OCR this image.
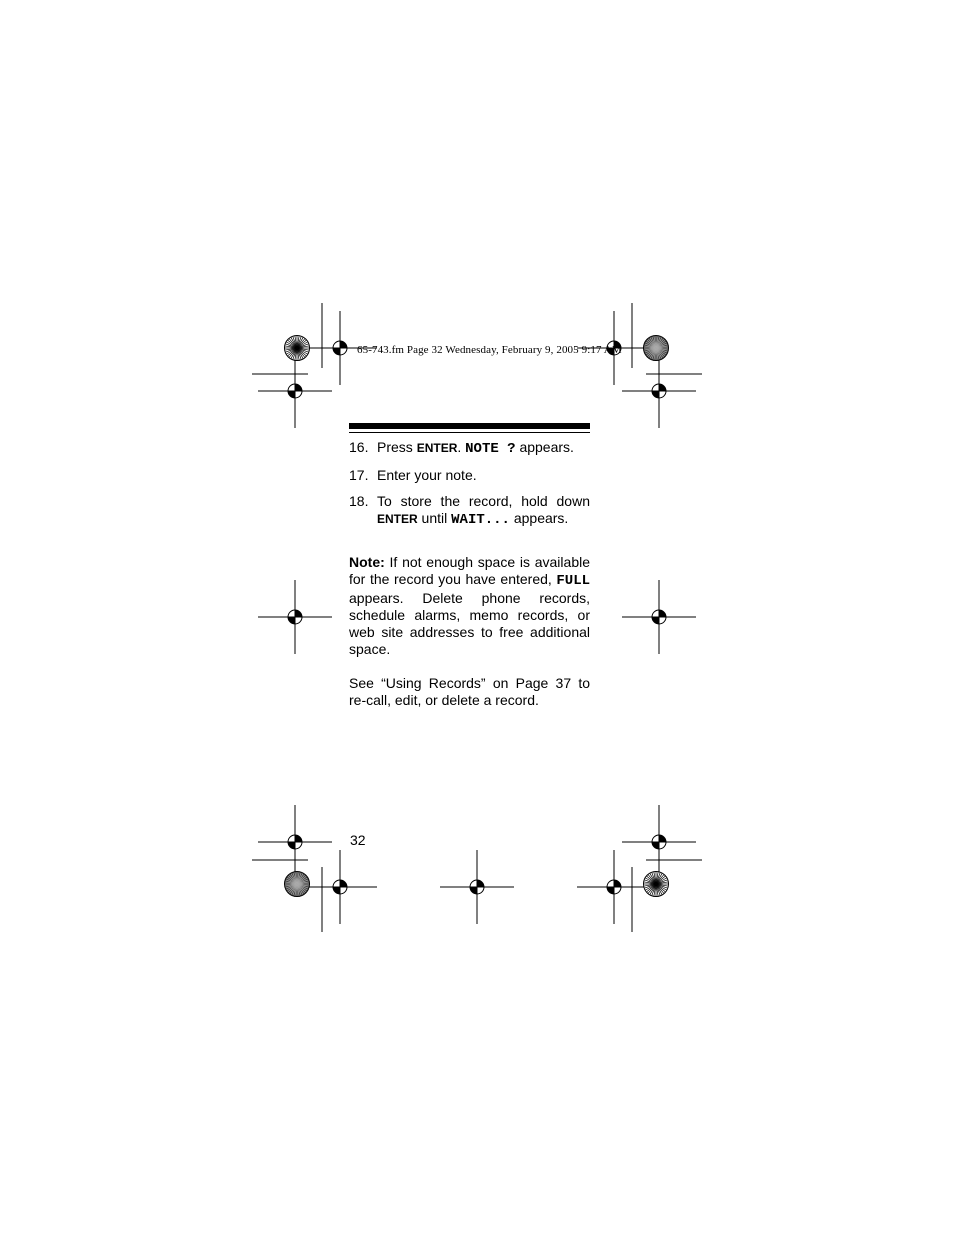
65-743.fm Page 32 Wednesday, February 9, 2005 9:17 AM
16. Press ENTER. NOTE ? appears.
17. Enter your note.
18. To store the record, hold down ENTER until WAIT... appears.

Note: If not enough space is available for the record you have entered, FULL appears. Delete phone records, schedule alarms, memo records, or web site addresses to free additional space.

See “Using Records” on Page 37 to re-call, edit, or delete a record.

32
